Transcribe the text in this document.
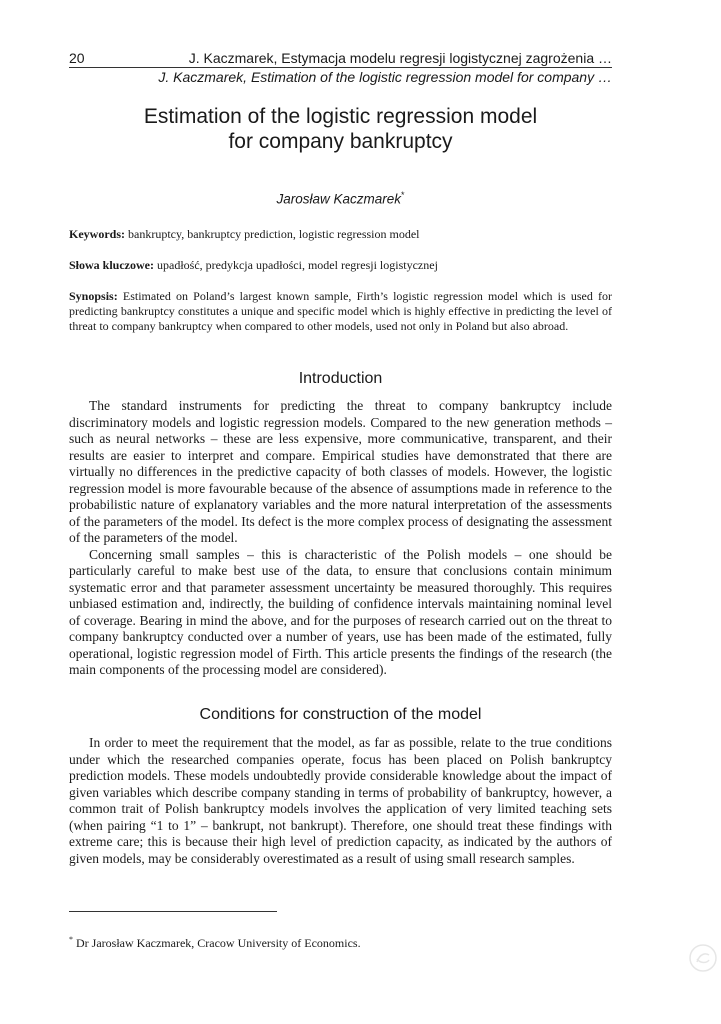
20	J. Kaczmarek, Estymacja modelu regresji logistycznej zagrożenia …
J. Kaczmarek, Estimation of the logistic regression model for company …
Estimation of the logistic regression model
for company bankruptcy
Jarosław Kaczmarek*
Keywords: bankruptcy, bankruptcy prediction, logistic regression model
Słowa kluczowe: upadłość, predykcja upadłości, model regresji logistycznej
Synopsis: Estimated on Poland’s largest known sample, Firth’s logistic regression model which is used for predicting bankruptcy constitutes a unique and specific model which is highly effective in predicting the level of threat to company bankruptcy when compared to other models, used not only in Poland but also abroad.
Introduction

The standard instruments for predicting the threat to company bankruptcy include discriminatory models and logistic regression models. Compared to the new generation methods – such as neural networks – these are less expensive, more communicative, transparent, and their results are easier to interpret and compare. Empirical studies have demonstrated that there are virtually no differences in the predictive capacity of both classes of models. However, the logistic regression model is more favourable because of the absence of assumptions made in reference to the probabilistic nature of explanatory variables and the more natural interpretation of the assessments of the parameters of the model. Its defect is the more complex process of designating the assessment of the parameters of the model.

Concerning small samples – this is characteristic of the Polish models – one should be particularly careful to make best use of the data, to ensure that conclusions contain minimum systematic error and that parameter assessment uncertainty be measured thoroughly. This requires unbiased estimation and, indirectly, the building of confidence intervals maintaining nominal level of coverage. Bearing in mind the above, and for the purposes of research carried out on the threat to company bankruptcy conducted over a number of years, use has been made of the estimated, fully operational, logistic regression model of Firth. This article presents the findings of the research (the main components of the processing model are considered).

Conditions for construction of the model

In order to meet the requirement that the model, as far as possible, relate to the true conditions under which the researched companies operate, focus has been placed on Polish bankruptcy prediction models. These models undoubtedly provide considerable knowledge about the impact of given variables which describe company standing in terms of probability of bankruptcy, however, a common trait of Polish bankruptcy models involves the application of very limited teaching sets (when pairing “1 to 1” – bankrupt, not bankrupt). Therefore, one should treat these findings with extreme care; this is because their high level of prediction capacity, as indicated by the authors of given models, may be considerably overestimated as a result of using small research samples.

* Dr Jarosław Kaczmarek, Cracow University of Economics.
